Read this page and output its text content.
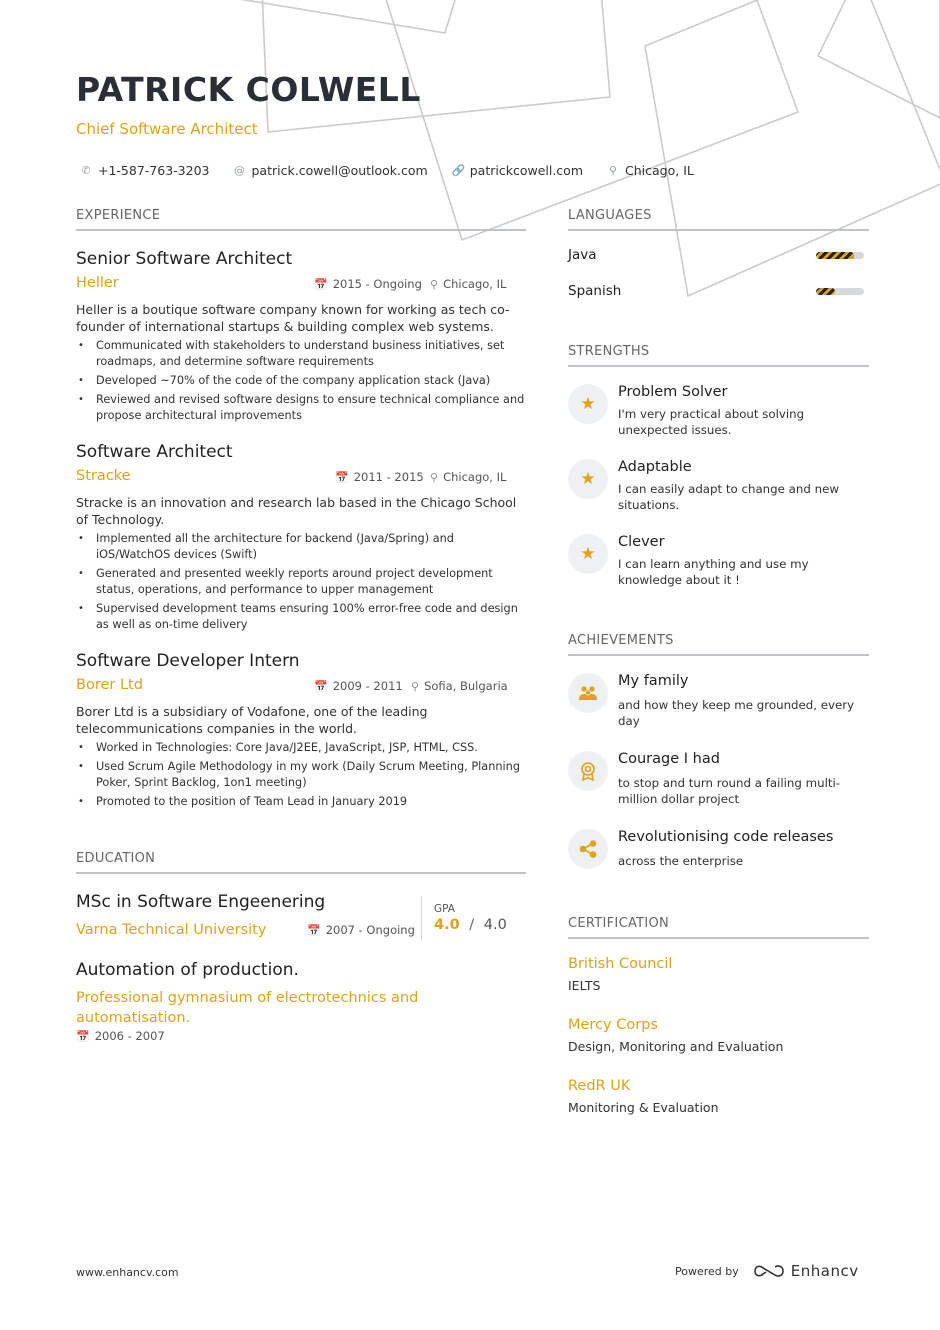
PATRICK COLWELL
Chief Software Architect
✆ +1-587-763-3203 @ patrick.cowell@outlook.com 🔗 patrickcowell.com ⚲ Chicago, IL
EXPERIENCE
Senior Software Architect
Heller	📅 2015 - Ongoing ⚲ Chicago, IL
Heller is a boutique software company known for working as tech co-founder of international startups & building complex web systems.
• Communicated with stakeholders to understand business initiatives, set roadmaps, and determine software requirements
• Developed ~70% of the code of the company application stack (Java)
• Reviewed and revised software designs to ensure technical compliance and propose architectural improvements
Software Architect
Stracke	📅 2011 - 2015 ⚲ Chicago, IL
Stracke is an innovation and research lab based in the Chicago School of Technology.
• Implemented all the architecture for backend (Java/Spring) and iOS/WatchOS devices (Swift)
• Generated and presented weekly reports around project development status, operations, and performance to upper management
• Supervised development teams ensuring 100% error-free code and design as well as on-time delivery
Software Developer Intern
Borer Ltd	📅 2009 - 2011 ⚲ Sofia, Bulgaria
Borer Ltd is a subsidiary of Vodafone, one of the leading telecommunications companies in the world.
• Worked in Technologies: Core Java/J2EE, JavaScript, JSP, HTML, CSS.
• Used Scrum Agile Methodology in my work (Daily Scrum Meeting, Planning Poker, Sprint Backlog, 1on1 meeting)
• Promoted to the position of Team Lead in January 2019
EDUCATION
MSc in Software Engeenering
Varna Technical University	📅 2007 - Ongoing
GPA
4.0 / 4.0
Automation of production.
Professional gymnasium of electrotechnics and automatisation.
📅 2006 - 2007
LANGUAGES
Java
Spanish
STRENGTHS
★
Problem Solver
I'm very practical about solving unexpected issues.
★
Adaptable
I can easily adapt to change and new situations.
★
Clever
I can learn anything and use my knowledge about it !
ACHIEVEMENTS
My family
and how they keep me grounded, every day
Courage I had
to stop and turn round a failing multi-million dollar project
Revolutionising code releases
across the enterprise
CERTIFICATION
British Council
IELTS
Mercy Corps
Design, Monitoring and Evaluation
RedR UK
Monitoring & Evaluation
www.enhancv.com	Powered by	Enhancv
